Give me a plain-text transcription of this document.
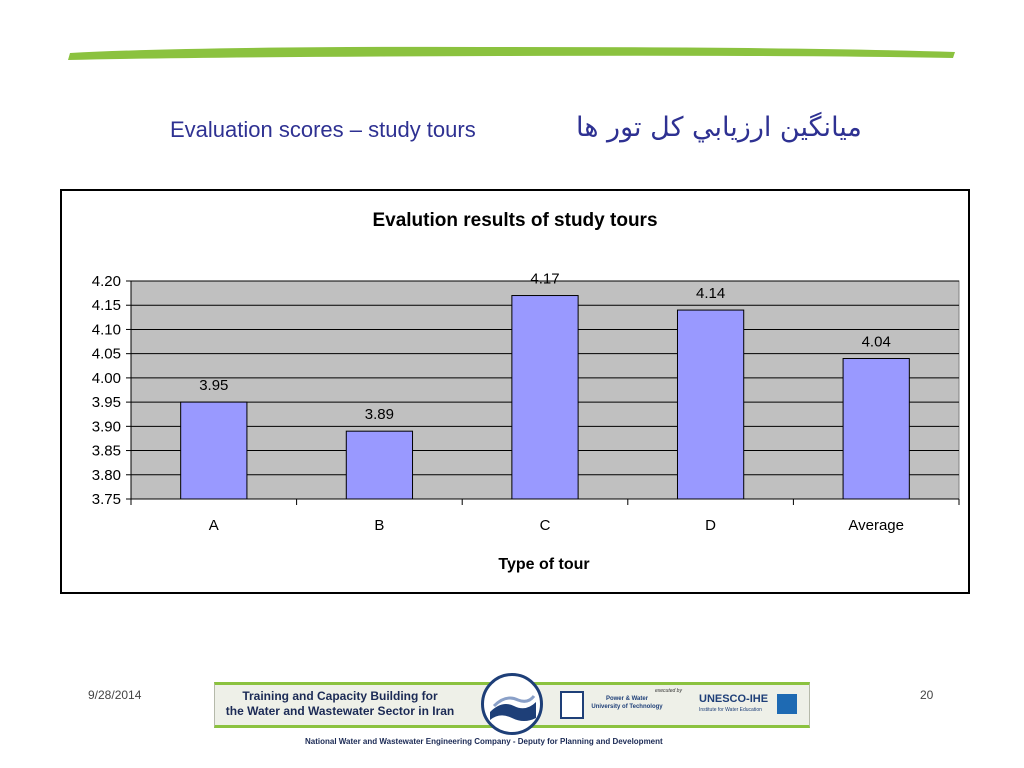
Evaluation scores – study tours	میانگین ارزیابي کل تور ها
Evalution results of study tours
3.75
3.80
3.85
3.90
3.95
4.00
4.05
4.10
4.15
4.20
3.95
A
3.89
B
4.17
C
4.14
D
4.04
Average
Type of tour
9/28/2014	20
Training and Capacity Building for
the Water and Wastewater Sector in Iran
Power & Water
University of Technology
executed by
UNESCO-IHE
Institute for Water Education
National Water and Wastewater Engineering Company - Deputy for Planning and Development
